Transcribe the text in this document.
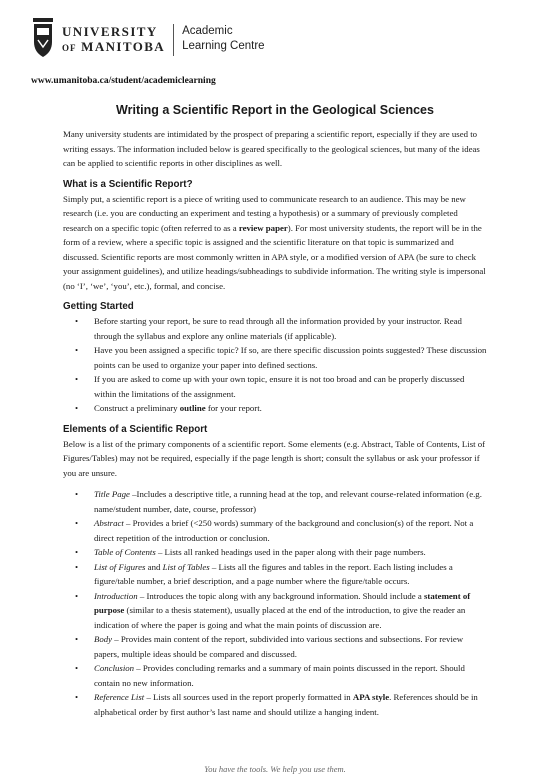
UNIVERSITY
OF MANITOBA
Academic
Learning Centre
www.umanitoba.ca/student/academiclearning
Writing a Scientific Report in the Geological Sciences

Many university students are intimidated by the prospect of preparing a scientific report, especially if they are used to writing essays. The information included below is geared specifically to the geological sciences, but many of the ideas can be applied to scientific reports in other disciplines as well.

What is a Scientific Report?

Simply put, a scientific report is a piece of writing used to communicate research to an audience. This may be new research (i.e. you are conducting an experiment and testing a hypothesis) or a summary of previously completed research on a specific topic (often referred to as a review paper). For most university students, the report will be in the form of a review, where a specific topic is assigned and the scientific literature on that topic is summarized and discussed. Scientific reports are most commonly written in APA style, or a modified version of APA (be sure to check your assignment guidelines), and utilize headings/subheadings to subdivide information. The writing style is impersonal (no ‘I’, ‘we’, ‘you’, etc.), formal, and concise.

Getting Started
• Before starting your report, be sure to read through all the information provided by your instructor. Read through the syllabus and explore any online materials (if applicable).
• Have you been assigned a specific topic? If so, are there specific discussion points suggested? These discussion points can be used to organize your paper into defined sections.
• If you are asked to come up with your own topic, ensure it is not too broad and can be properly discussed within the limitations of the assignment.
• Construct a preliminary outline for your report.
Elements of a Scientific Report

Below is a list of the primary components of a scientific report. Some elements (e.g. Abstract, Table of Contents, List of Figures/Tables) may not be required, especially if the page length is short; consult the syllabus or ask your professor if you are unsure.

• Title Page –Includes a descriptive title, a running head at the top, and relevant course-related information (e.g. name/student number, date, course, professor)
• Abstract – Provides a brief (<250 words) summary of the background and conclusion(s) of the report. Not a direct repetition of the introduction or conclusion.
• Table of Contents – Lists all ranked headings used in the paper along with their page numbers.
• List of Figures and List of Tables – Lists all the figures and tables in the report. Each listing includes a figure/table number, a brief description, and a page number where the figure/table occurs.
• Introduction – Introduces the topic along with any background information. Should include a statement of purpose (similar to a thesis statement), usually placed at the end of the introduction, to give the reader an indication of where the paper is going and what the main points of discussion are.
• Body – Provides main content of the report, subdivided into various sections and subsections. For review papers, multiple ideas should be compared and discussed.
• Conclusion – Provides concluding remarks and a summary of main points discussed in the report. Should contain no new information.
• Reference List – Lists all sources used in the report properly formatted in APA style. References should be in alphabetical order by first author’s last name and should utilize a hanging indent.
You have the tools. We help you use them.
